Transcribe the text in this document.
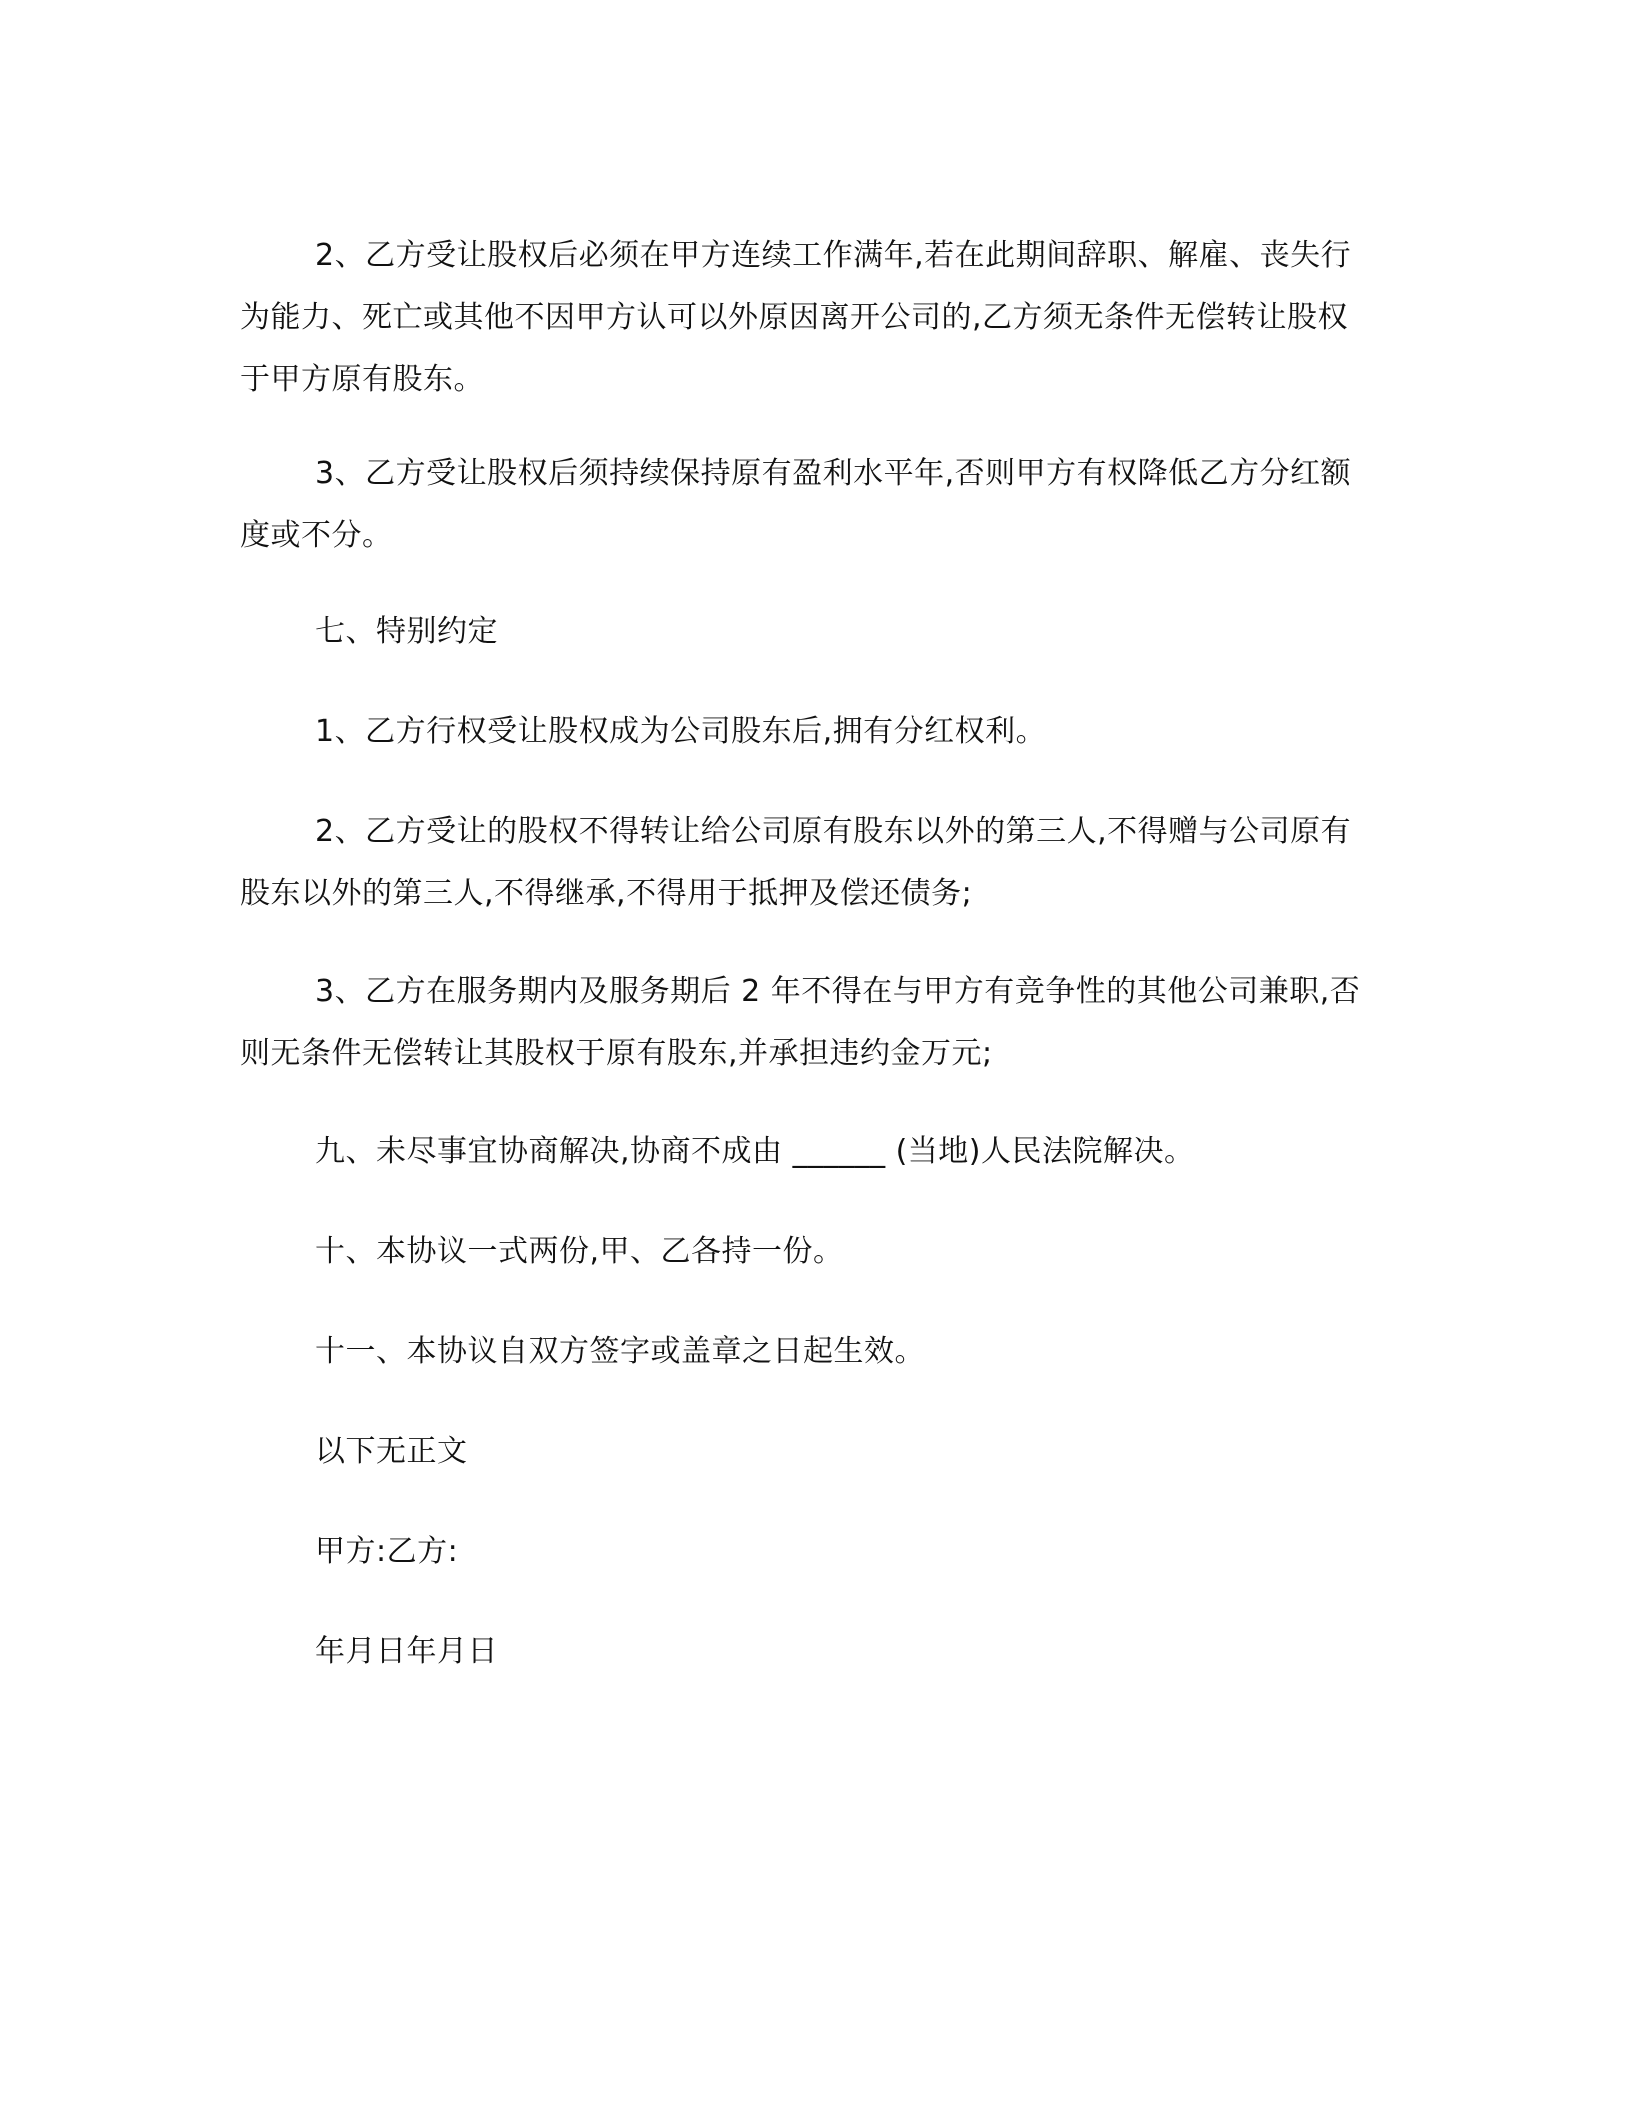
2、乙方受让股权后必须在甲方连续工作满年,若在此期间辞职、解雇、丧失行为能力、死亡或其他不因甲方认可以外原因离开公司的,乙方须无条件无偿转让股权于甲方原有股东。
3、乙方受让股权后须持续保持原有盈利水平年,否则甲方有权降低乙方分红额度或不分。
七、特别约定
1、乙方行权受让股权成为公司股东后,拥有分红权利。
2、乙方受让的股权不得转让给公司原有股东以外的第三人,不得赠与公司原有股东以外的第三人,不得继承,不得用于抵押及偿还债务;
3、乙方在服务期内及服务期后 2 年不得在与甲方有竞争性的其他公司兼职,否则无条件无偿转让其股权于原有股东,并承担违约金万元;
九、未尽事宜协商解决,协商不成由 ______ (当地)人民法院解决。
十、本协议一式两份,甲、乙各持一份。
十一、本协议自双方签字或盖章之日起生效。
以下无正文
甲方:乙方:
年月日年月日
